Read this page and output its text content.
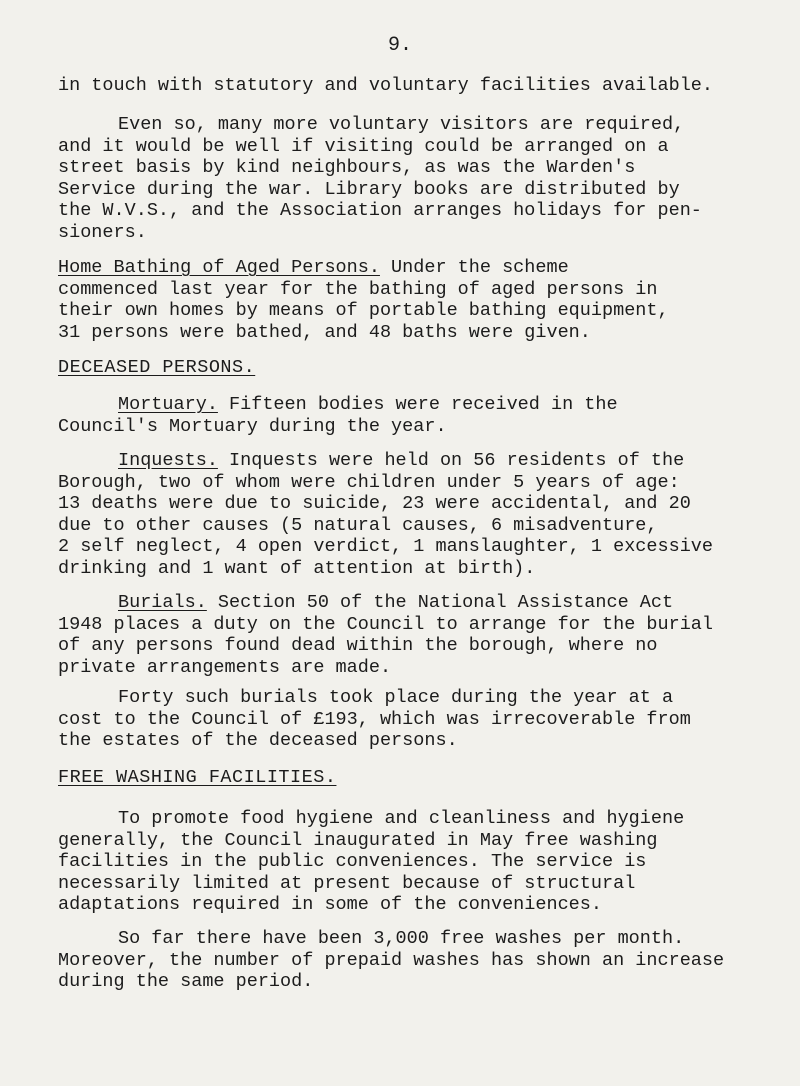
9.
in touch with statutory and voluntary facilities available.
Even so, many more voluntary visitors are required,
and it would be well if visiting could be arranged on a
street basis by kind neighbours, as was the Warden's
Service during the war. Library books are distributed by
the W.V.S., and the Association arranges holidays for pen-
sioners.
Home Bathing of Aged Persons. Under the scheme
commenced last year for the bathing of aged persons in
their own homes by means of portable bathing equipment,
31 persons were bathed, and 48 baths were given.
DECEASED PERSONS.
Mortuary. Fifteen bodies were received in the
Council's Mortuary during the year.
Inquests. Inquests were held on 56 residents of the
Borough, two of whom were children under 5 years of age:
13 deaths were due to suicide, 23 were accidental, and 20
due to other causes (5 natural causes, 6 misadventure,
2 self neglect, 4 open verdict, 1 manslaughter, 1 excessive
drinking and 1 want of attention at birth).
Burials. Section 50 of the National Assistance Act
1948 places a duty on the Council to arrange for the burial
of any persons found dead within the borough, where no
private arrangements are made.
Forty such burials took place during the year at a
cost to the Council of £193, which was irrecoverable from
the estates of the deceased persons.
FREE WASHING FACILITIES.
To promote food hygiene and cleanliness and hygiene
generally, the Council inaugurated in May free washing
facilities in the public conveniences. The service is
necessarily limited at present because of structural
adaptations required in some of the conveniences.
So far there have been 3,000 free washes per month.
Moreover, the number of prepaid washes has shown an increase
during the same period.
